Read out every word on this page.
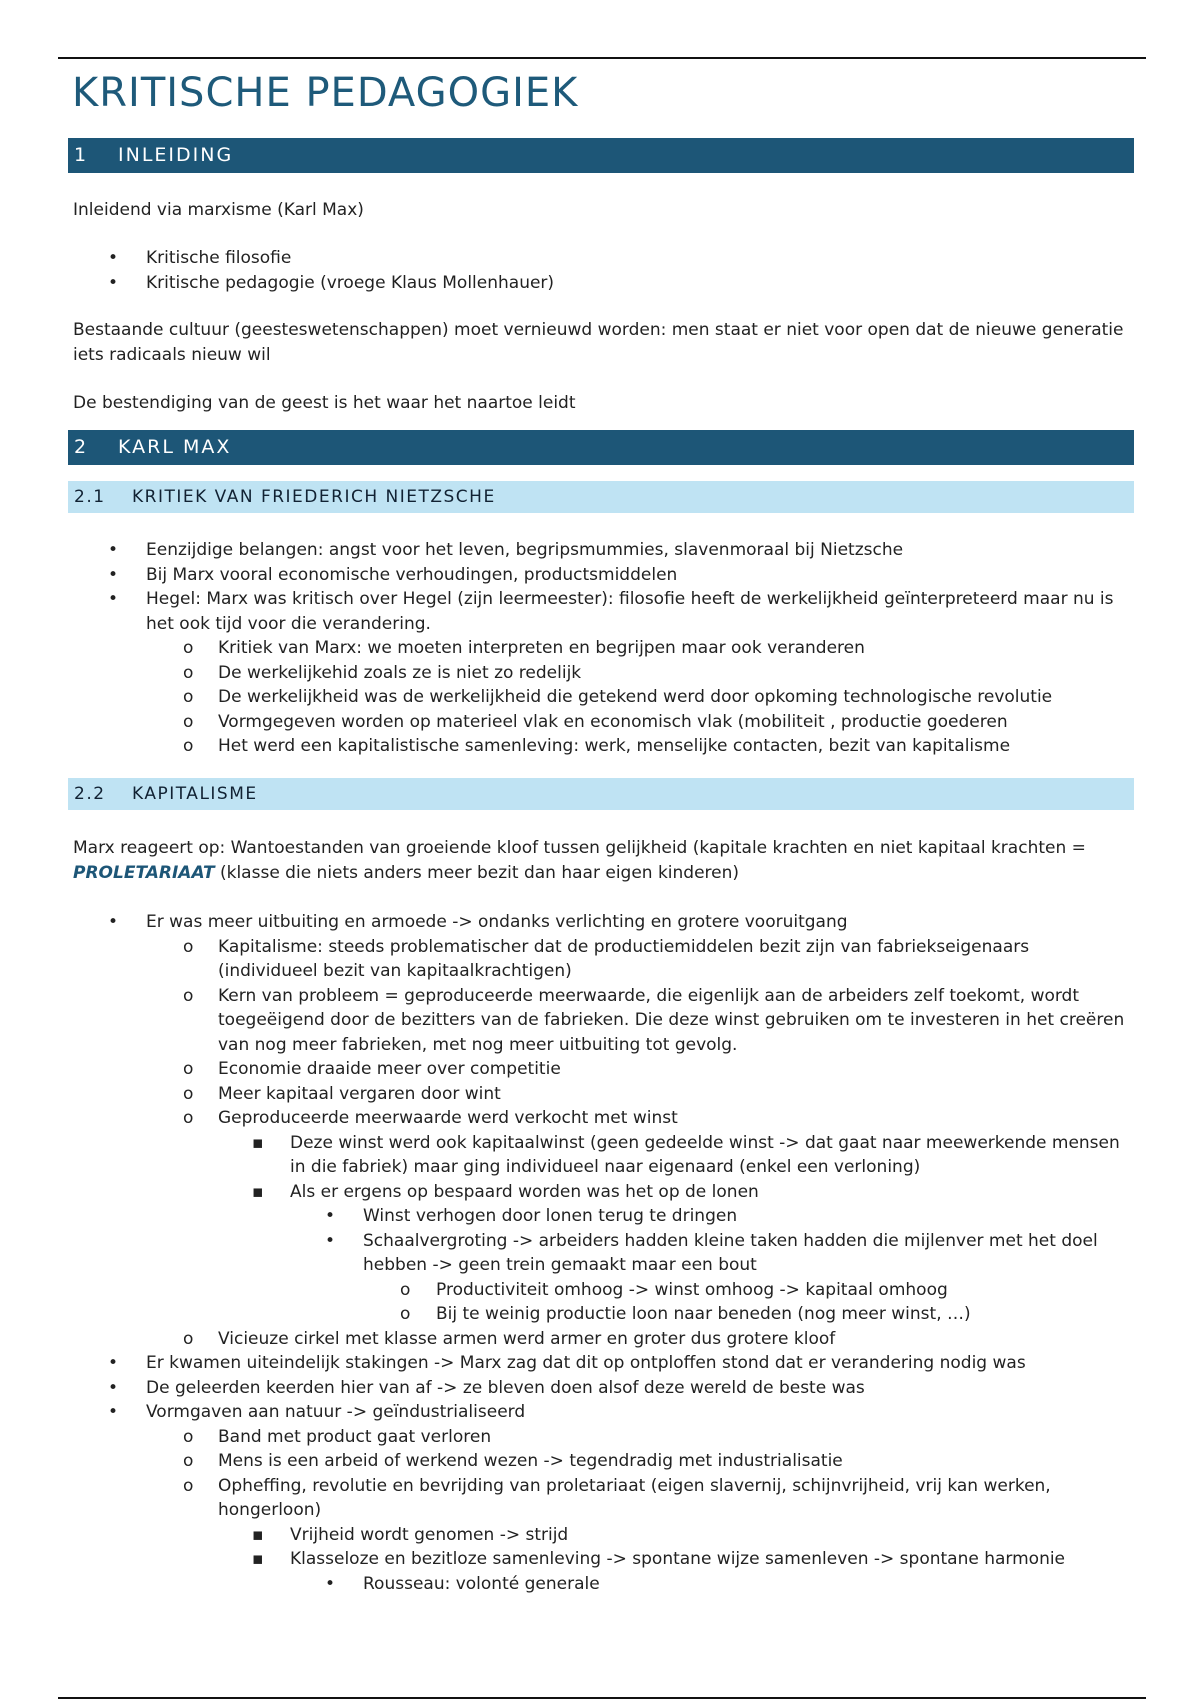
KRITISCHE PEDAGOGIEK
1 INLEIDING

Inleidend via marxisme (Karl Max)

• Kritische filosofie
• Kritische pedagogie (vroege Klaus Mollenhauer)

Bestaande cultuur (geesteswetenschappen) moet vernieuwd worden: men staat er niet voor open dat de nieuwe generatie iets radicaals nieuw wil

De bestendiging van de geest is het waar het naartoe leidt

2 KARL MAX
2.1 KRITIEK VAN FRIEDERICH NIETZSCHE
• Eenzijdige belangen: angst voor het leven, begripsmummies, slavenmoraal bij Nietzsche
• Bij Marx vooral economische verhoudingen, productsmiddelen
• Hegel: Marx was kritisch over Hegel (zijn leermeester): filosofie heeft de werkelijkheid geïnterpreteerd maar nu is het ook tijd voor die verandering.
o Kritiek van Marx: we moeten interpreten en begrijpen maar ook veranderen
o De werkelijkehid zoals ze is niet zo redelijk
o De werkelijkheid was de werkelijkheid die getekend werd door opkoming technologische revolutie
o Vormgegeven worden op materieel vlak en economisch vlak (mobiliteit , productie goederen
o Het werd een kapitalistische samenleving: werk, menselijke contacten, bezit van kapitalisme
2.2 KAPITALISME

Marx reageert op: Wantoestanden van groeiende kloof tussen gelijkheid (kapitale krachten en niet kapitaal krachten = PROLETARIAAT (klasse die niets anders meer bezit dan haar eigen kinderen)

• Er was meer uitbuiting en armoede -> ondanks verlichting en grotere vooruitgang
o Kapitalisme: steeds problematischer dat de productiemiddelen bezit zijn van fabriekseigenaars (individueel bezit van kapitaalkrachtigen)
o Kern van probleem = geproduceerde meerwaarde, die eigenlijk aan de arbeiders zelf toekomt, wordt toegeëigend door de bezitters van de fabrieken. Die deze winst gebruiken om te investeren in het creëren van nog meer fabrieken, met nog meer uitbuiting tot gevolg.
o Economie draaide meer over competitie
o Meer kapitaal vergaren door wint
o Geproduceerde meerwaarde werd verkocht met winst
▪ Deze winst werd ook kapitaalwinst (geen gedeelde winst -> dat gaat naar meewerkende mensen in die fabriek) maar ging individueel naar eigenaard (enkel een verloning)
▪ Als er ergens op bespaard worden was het op de lonen
• Winst verhogen door lonen terug te dringen
• Schaalvergroting -> arbeiders hadden kleine taken hadden die mijlenver met het doel hebben -> geen trein gemaakt maar een bout
o Productiviteit omhoog -> winst omhoog -> kapitaal omhoog
o Bij te weinig productie loon naar beneden (nog meer winst, …)
o Vicieuze cirkel met klasse armen werd armer en groter dus grotere kloof
• Er kwamen uiteindelijk stakingen -> Marx zag dat dit op ontploffen stond dat er verandering nodig was
• De geleerden keerden hier van af -> ze bleven doen alsof deze wereld de beste was
• Vormgaven aan natuur -> geïndustrialiseerd
o Band met product gaat verloren
o Mens is een arbeid of werkend wezen -> tegendradig met industrialisatie
o Opheffing, revolutie en bevrijding van proletariaat (eigen slavernij, schijnvrijheid, vrij kan werken, hongerloon)
▪ Vrijheid wordt genomen -> strijd
▪ Klasseloze en bezitloze samenleving -> spontane wijze samenleven -> spontane harmonie
• Rousseau: volonté generale
